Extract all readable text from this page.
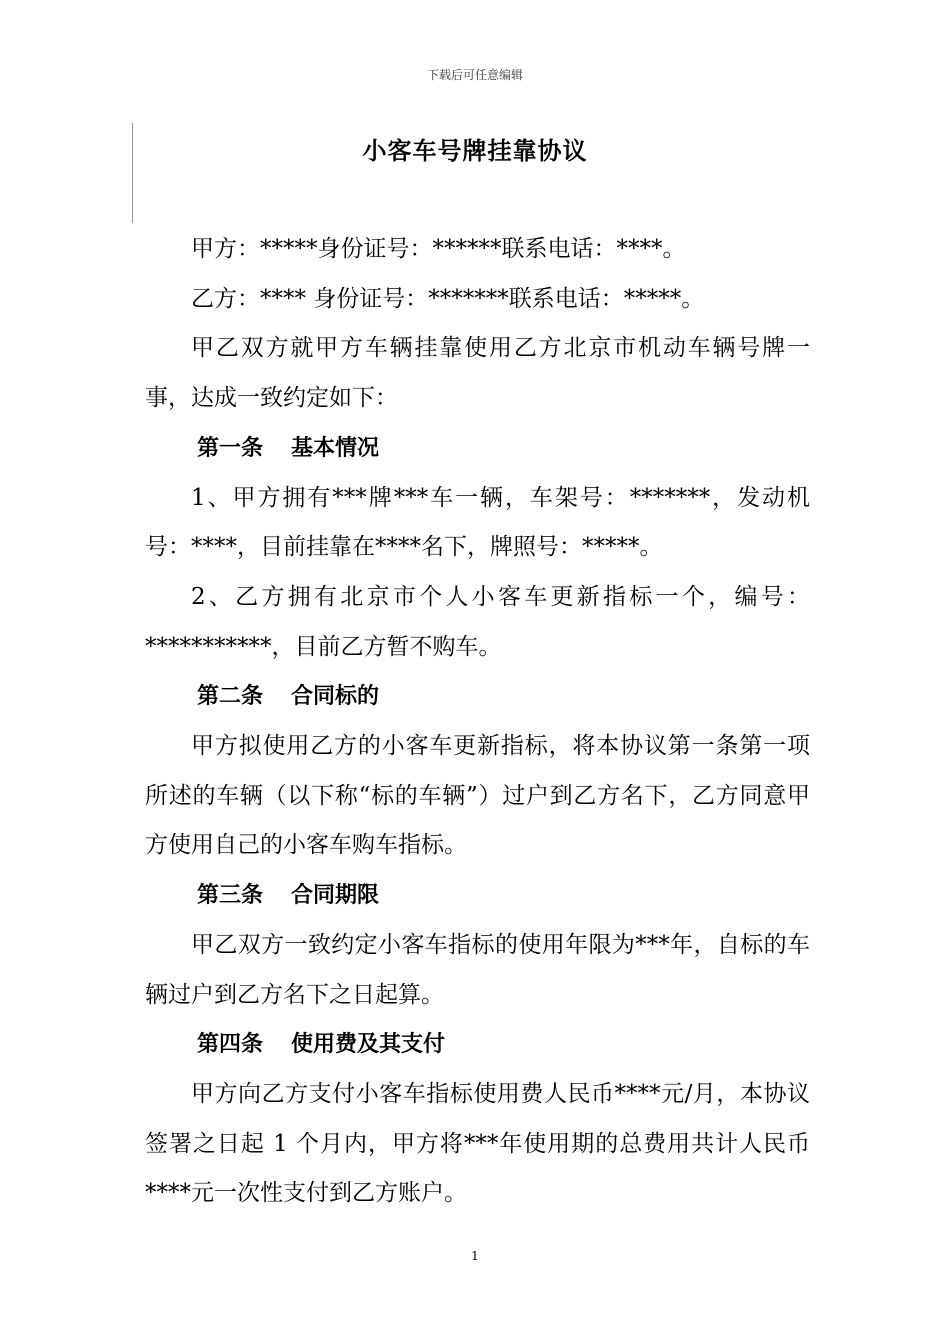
下载后可任意编辑
小客车号牌挂靠协议

甲方：*****身份证号：******联系电话：****。

乙方：**** 身份证号：*******联系电话：*****。

甲乙双方就甲方车辆挂靠使用乙方北京市机动车辆号牌一事，达成一致约定如下：

第一条 基本情况

1、甲方拥有***牌***车一辆，车架号：*******，发动机号：****，目前挂靠在****名下，牌照号：*****。

2、乙方拥有北京市个人小客车更新指标一个，编号：***********，目前乙方暂不购车。

第二条 合同标的

甲方拟使用乙方的小客车更新指标，将本协议第一条第一项所述的车辆（以下称“标的车辆”）过户到乙方名下，乙方同意甲方使用自己的小客车购车指标。

第三条 合同期限

甲乙双方一致约定小客车指标的使用年限为***年，自标的车辆过户到乙方名下之日起算。

第四条 使用费及其支付

甲方向乙方支付小客车指标使用费人民币****元/月，本协议签署之日起 1 个月内，甲方将***年使用期的总费用共计人民币****元一次性支付到乙方账户。

1
